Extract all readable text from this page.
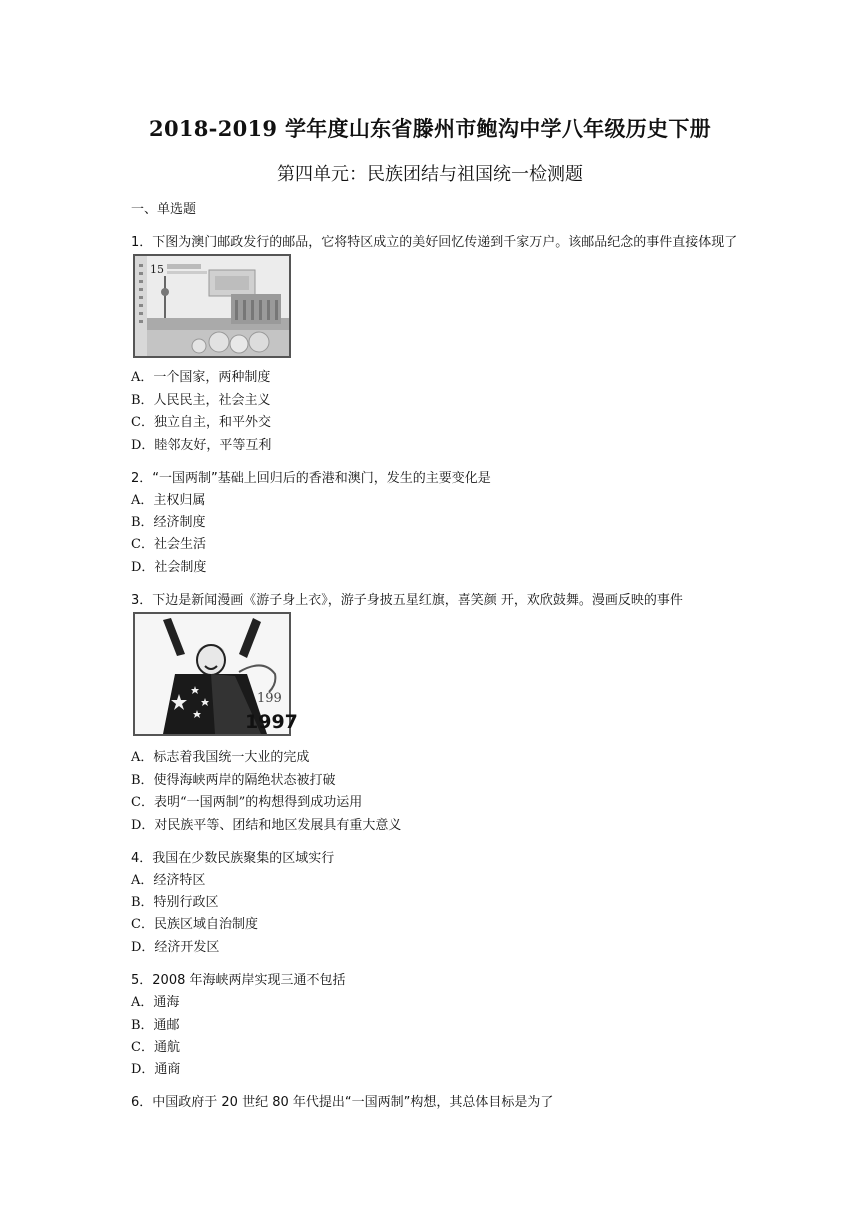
2018-2019 学年度山东省滕州市鲍沟中学八年级历史下册
第四单元：民族团结与祖国统一检测题
一、单选题
1．下图为澳门邮政发行的邮品，它将特区成立的美好回忆传递到千家万户。该邮品纪念的事件直接体现了
15
A．一个国家，两种制度
B．人民民主，社会主义
C．独立自主，和平外交
D．睦邻友好，平等互利
2．“一国两制”基础上回归后的香港和澳门，发生的主要变化是
A．主权归属
B．经济制度
C．社会生活
D．社会制度
3．下边是新闻漫画《游子身上衣》，游子身披五星红旗，喜笑颜 开，欢欣鼓舞。漫画反映的事件
199
1997
A．标志着我国统一大业的完成
B．使得海峡两岸的隔绝状态被打破
C．表明“一国两制”的构想得到成功运用
D．对民族平等、团结和地区发展具有重大意义
4．我国在少数民族聚集的区域实行
A．经济特区
B．特别行政区
C．民族区域自治制度
D．经济开发区
5．2008 年海峡两岸实现三通不包括
A．通海
B．通邮
C．通航
D．通商
6．中国政府于 20 世纪 80 年代提出“一国两制”构想，其总体目标是为了
